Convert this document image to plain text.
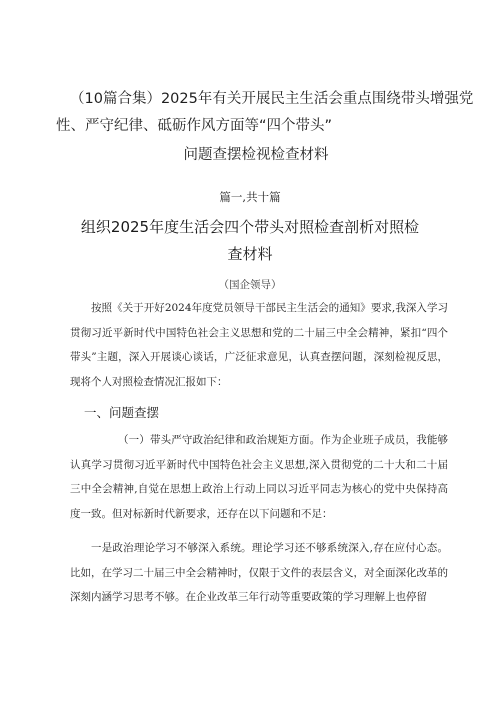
（10篇合集）2025年有关开展民主生活会重点围绕带头增强党
性、严守纪律、砥砺作风方面等“四个带头”
问题查摆检视检查材料
篇一,共十篇
组织2025年度生活会四个带头对照检查剖析对照检查材料
（国企领导）

按照《关于开好2024年度党员领导干部民主生活会的通知》要求,我深入学习贯彻习近平新时代中国特色社会主义思想和党的二十届三中全会精神，紧扣“四个带头”主题，深入开展谈心谈话，广泛征求意见，认真查摆问题，深刻检视反思，现将个人对照检查情况汇报如下：

一、问题查摆

（一）带头严守政治纪律和政治规矩方面。作为企业班子成员，我能够认真学习贯彻习近平新时代中国特色社会主义思想,深入贯彻党的二十大和二十届三中全会精神,自觉在思想上政治上行动上同以习近平同志为核心的党中央保持高度一致。但对标新时代新要求，还存在以下问题和不足：

一是政治理论学习不够深入系统。理论学习还不够系统深入,存在应付心态。比如，在学习二十届三中全会精神时，仅限于文件的表层含义，对全面深化改革的深刻内涵学习思考不够。在企业改革三年行动等重要政策的学习理解上也停留
